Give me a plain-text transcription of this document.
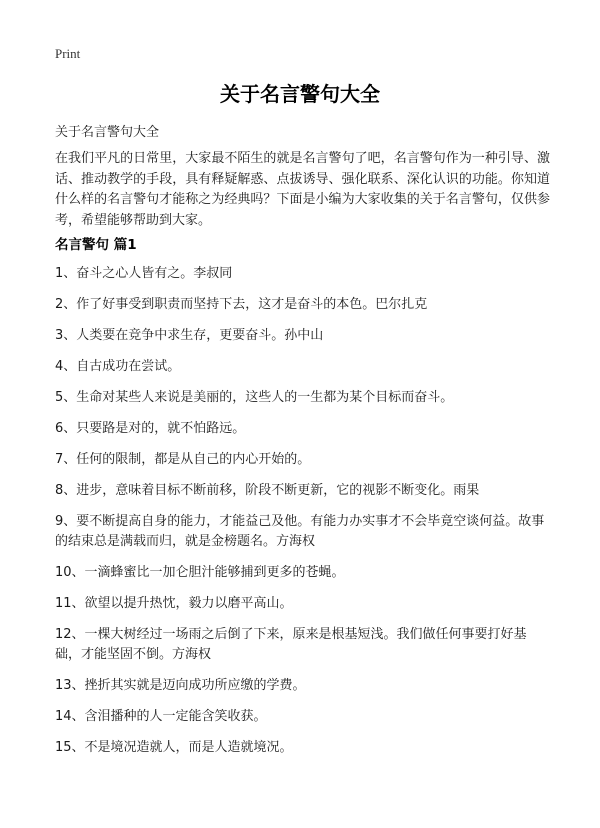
Print
关于名言警句大全
关于名言警句大全

在我们平凡的日常里，大家最不陌生的就是名言警句了吧，名言警句作为一种引导、激话、推动教学的手段，具有释疑解惑、点拔诱导、强化联系、深化认识的功能。你知道什么样的名言警句才能称之为经典吗？下面是小编为大家收集的关于名言警句，仅供参考，希望能够帮助到大家。

名言警句 篇1
1、奋斗之心人皆有之。李叔同
2、作了好事受到职责而坚持下去，这才是奋斗的本色。巴尔扎克
3、人类要在竞争中求生存，更要奋斗。孙中山
4、自古成功在尝试。
5、生命对某些人来说是美丽的，这些人的一生都为某个目标而奋斗。
6、只要路是对的，就不怕路远。
7、任何的限制，都是从自己的内心开始的。
8、进步，意味着目标不断前移，阶段不断更新，它的视影不断变化。雨果
9、要不断提高自身的能力，才能益己及他。有能力办实事才不会毕竟空谈何益。故事的结束总是满载而归，就是金榜题名。方海权
10、一滴蜂蜜比一加仑胆汁能够捕到更多的苍蝇。
11、欲望以提升热忱，毅力以磨平高山。
12、一棵大树经过一场雨之后倒了下来，原来是根基短浅。我们做任何事要打好基础，才能坚固不倒。方海权
13、挫折其实就是迈向成功所应缴的学费。
14、含泪播种的人一定能含笑收获。
15、不是境况造就人，而是人造就境况。
